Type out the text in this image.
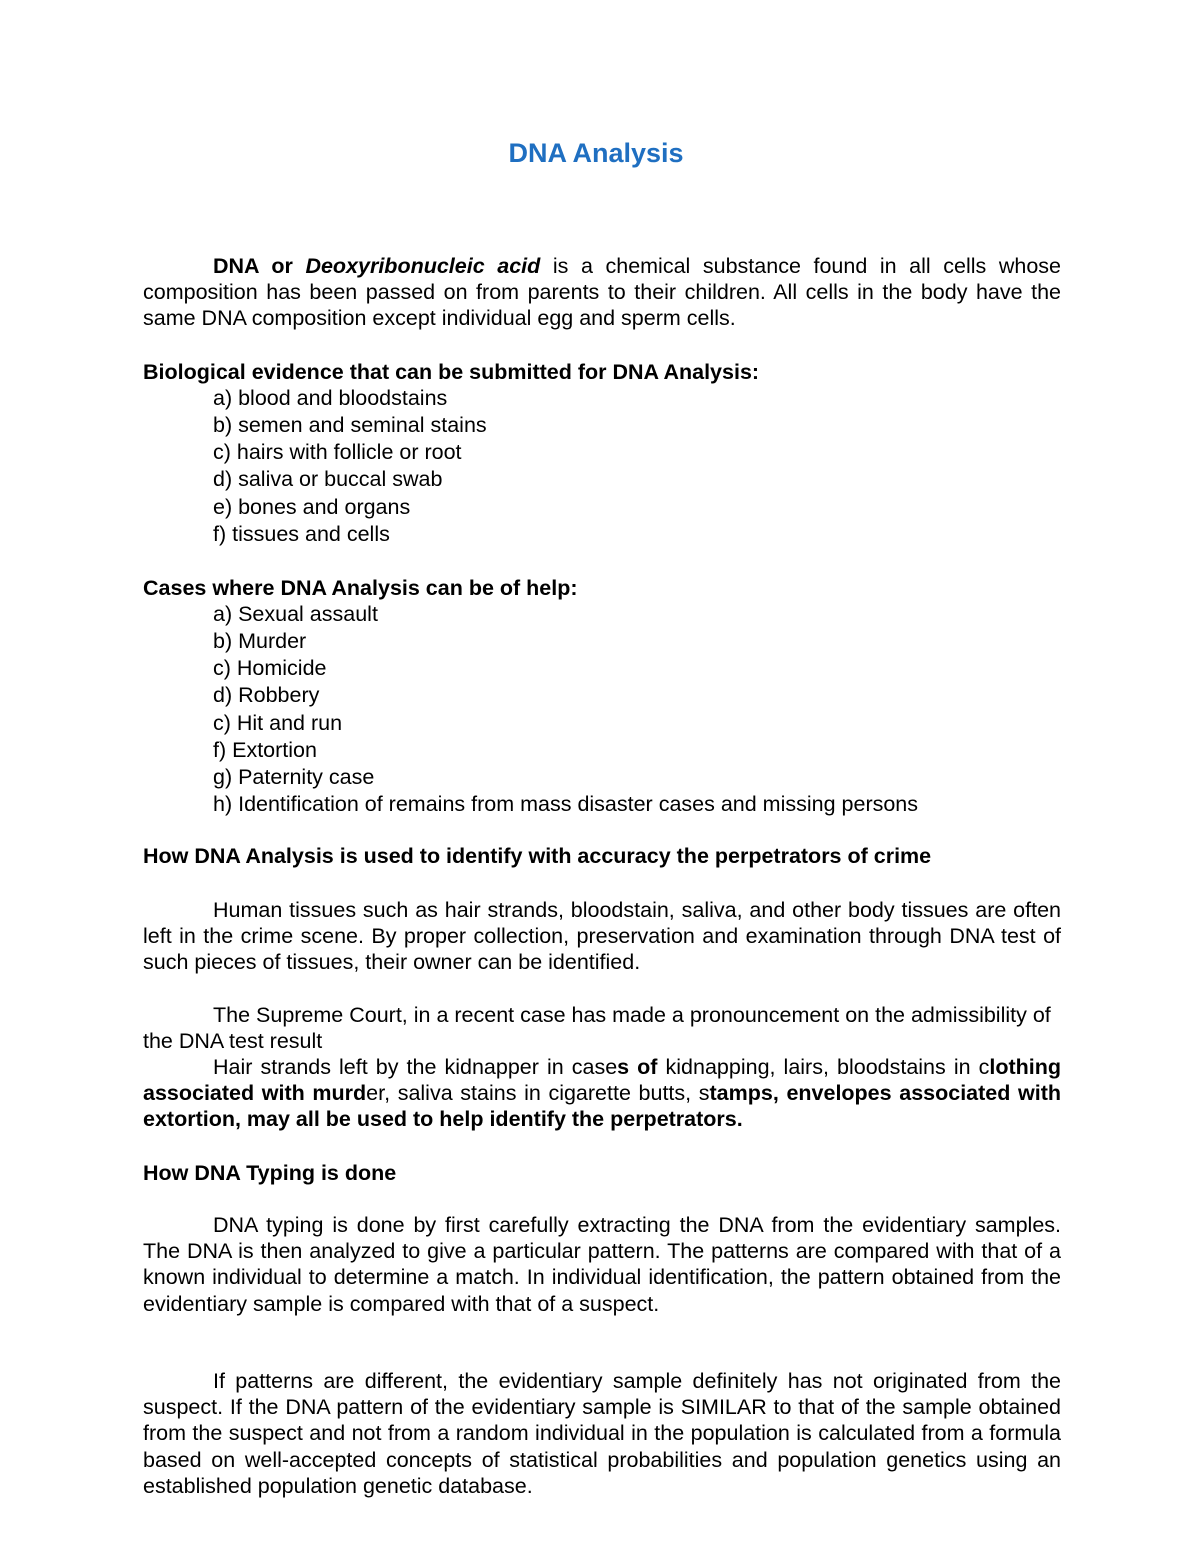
DNA Analysis

DNA or Deoxyribonucleic acid is a chemical substance found in all cells whose composition has been passed on from parents to their children. All cells in the body have the same DNA composition except individual egg and sperm cells.

Biological evidence that can be submitted for DNA Analysis:

a) blood and bloodstains
b) semen and seminal stains
c) hairs with follicle or root
d) saliva or buccal swab
e) bones and organs
f) tissues and cells

Cases where DNA Analysis can be of help:

a) Sexual assault
b) Murder
c) Homicide
d) Robbery
c) Hit and run
f) Extortion
g) Paternity case
h) Identification of remains from mass disaster cases and missing persons

How DNA Analysis is used to identify with accuracy the perpetrators of crime

Human tissues such as hair strands, bloodstain, saliva, and other body tissues are often left in the crime scene. By proper collection, preservation and examination through DNA test of such pieces of tissues, their owner can be identified.

The Supreme Court, in a recent case has made a pronouncement on the admissibility of the DNA test result

Hair strands left by the kidnapper in cases of kidnapping, lairs, bloodstains in clothing associated with murder, saliva stains in cigarette butts, stamps, envelopes associated with extortion, may all be used to help identify the perpetrators.

How DNA Typing is done

DNA typing is done by first carefully extracting the DNA from the evidentiary samples. The DNA is then analyzed to give a particular pattern. The patterns are compared with that of a known individual to determine a match. In individual identification, the pattern obtained from the evidentiary sample is compared with that of a suspect.

If patterns are different, the evidentiary sample definitely has not originated from the suspect. If the DNA pattern of the evidentiary sample is SIMILAR to that of the sample obtained from the suspect and not from a random individual in the population is calculated from a formula based on well-accepted concepts of statistical probabilities and population genetics using an established population genetic database.
